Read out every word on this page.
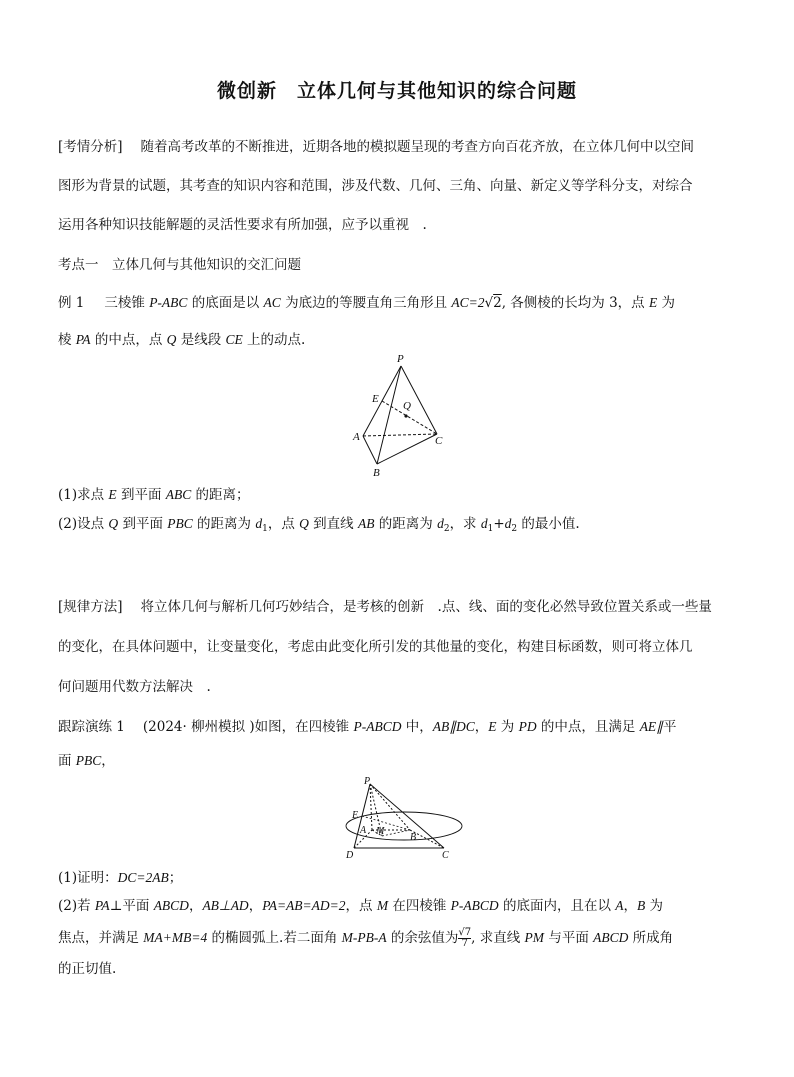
微创新　立体几何与其他知识的综合问题
[考情分析] 随着高考改革的不断推进，近期各地的模拟题呈现的考查方向百花齐放，在立体几何中以空间
图形为背景的试题，其考查的知识内容和范围，涉及代数、几何、三角、向量、新定义等学科分支，对综合
运用各种知识技能解题的灵活性要求有所加强，应予以重视　.
考点一　立体几何与其他知识的交汇问题
例 1 三棱锥 P-ABC 的底面是以 AC 为底边的等腰直角三角形且 AC=2√2, 各侧棱的长均为 3，点 E 为
棱 PA 的中点，点 Q 是线段 CE 上的动点.
P
E
Q
A	C
B
(1)求点 E 到平面 ABC 的距离；
(2)设点 Q 到平面 PBC 的距离为 $d_1$，点 Q 到直线 AB 的距离为 $d_2$，求 $d_1+d_2$ 的最小值.
[规律方法] 将立体几何与解析几何巧妙结合，是考核的创新　.点、线、面的变化必然导致位置关系或一些量
的变化，在具体问题中，让变量变化，考虑由此变化所引发的其他量的变化，构建目标函数，则可将立体几
何问题用代数方法解决　.
跟踪演练 1 (2024· 柳州模拟 )如图，在四棱锥 P-ABCD 中，AB∥DC，E 为 PD 的中点，且满足 AE∥平
面 PBC，
P
E
A M
B
D	C
(1)证明：DC=2AB；
(2)若 PA⊥平面 ABCD，AB⊥AD，PA=AB=AD=2，点 M 在四棱锥 P-ABCD 的底面内，且在以 A，B 为
焦点，并满足 MA+MB=4 的椭圆弧上.若二面角 M-PB-A 的余弦值为 $\frac{√7}{7}$ , 求直线 PM 与平面 ABCD 所成角
的正切值.
